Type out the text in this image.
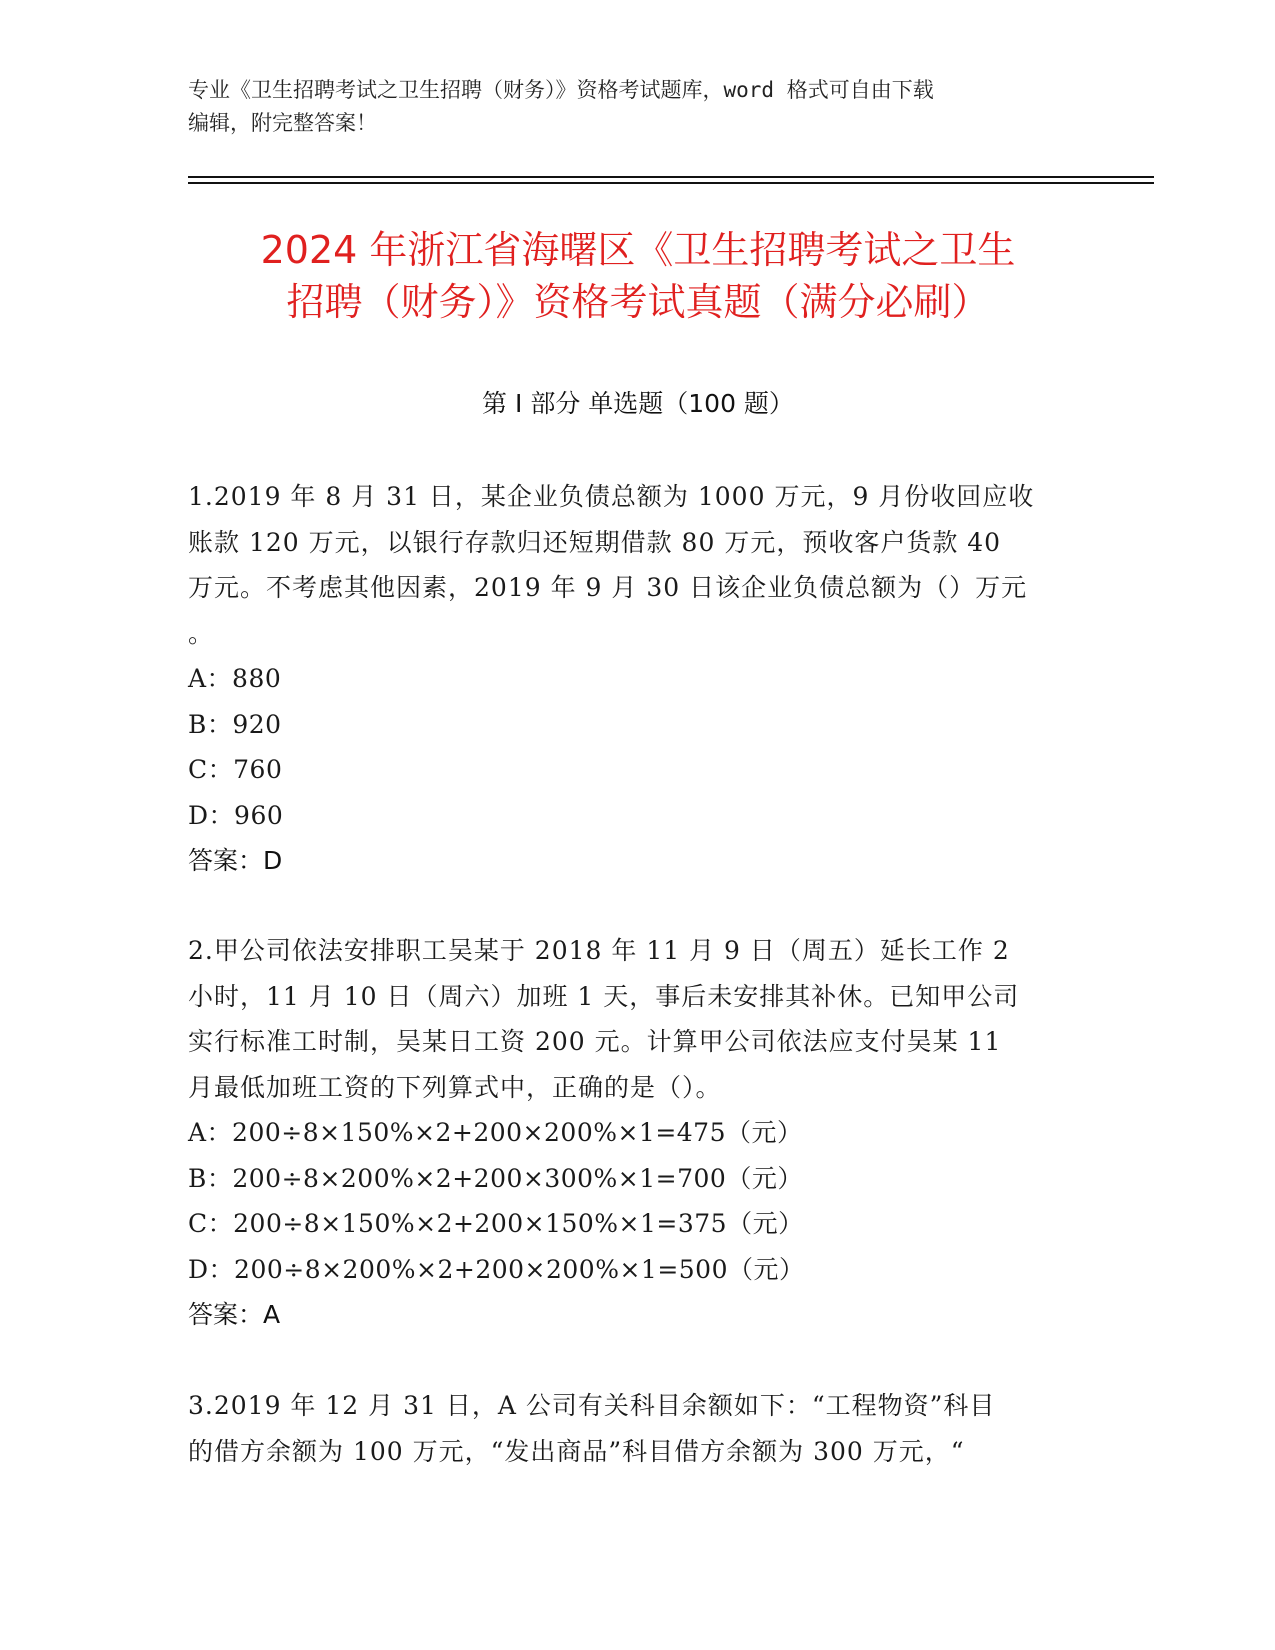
专业《卫生招聘考试之卫生招聘（财务）》资格考试题库，word 格式可自由下载
编辑，附完整答案！
2024 年浙江省海曙区《卫生招聘考试之卫生
招聘（财务）》资格考试真题（满分必刷）
第 I 部分 单选题（100 题）
1.2019 年 8 月 31 日，某企业负债总额为 1000 万元，9 月份收回应收
账款 120 万元，以银行存款归还短期借款 80 万元，预收客户货款 40
万元。不考虑其他因素，2019 年 9 月 30 日该企业负债总额为（）万元
。
A：880
B：920
C：760
D：960
答案：D
2.甲公司依法安排职工吴某于 2018 年 11 月 9 日（周五）延长工作 2
小时，11 月 10 日（周六）加班 1 天，事后未安排其补休。已知甲公司
实行标准工时制，吴某日工资 200 元。计算甲公司依法应支付吴某 11
月最低加班工资的下列算式中，正确的是（）。
A：200÷8×150%×2+200×200%×1=475（元）
B：200÷8×200%×2+200×300%×1=700（元）
C：200÷8×150%×2+200×150%×1=375（元）
D：200÷8×200%×2+200×200%×1=500（元）
答案：A
3.2019 年 12 月 31 日，A 公司有关科目余额如下：“工程物资”科目
的借方余额为 100 万元，“发出商品”科目借方余额为 300 万元，“
